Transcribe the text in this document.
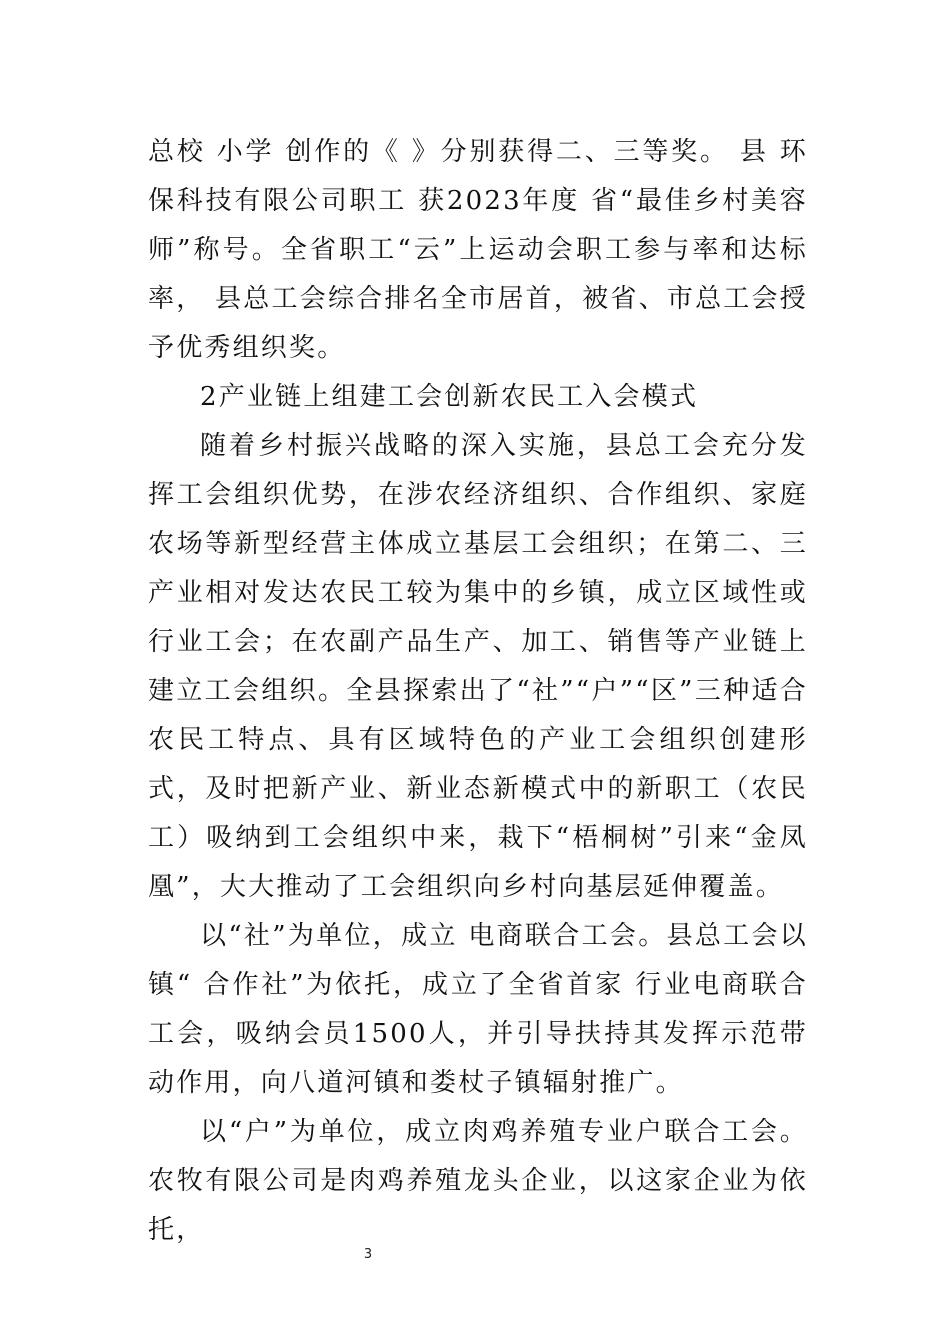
总校 小学 创作的《 》分别获得二、三等奖。 县 环保科技有限公司职工 获2023年度 省“最佳乡村美容师”称号。全省职工“云”上运动会职工参与率和达标率， 县总工会综合排名全市居首，被省、市总工会授予优秀组织奖。

2产业链上组建工会创新农民工入会模式

随着乡村振兴战略的深入实施，县总工会充分发挥工会组织优势，在涉农经济组织、合作组织、家庭农场等新型经营主体成立基层工会组织；在第二、三产业相对发达农民工较为集中的乡镇，成立区域性或行业工会；在农副产品生产、加工、销售等产业链上建立工会组织。全县探索出了“社”“户”“区”三种适合农民工特点、具有区域特色的产业工会组织创建形式，及时把新产业、新业态新模式中的新职工（农民工）吸纳到工会组织中来，栽下“梧桐树”引来“金凤凰”，大大推动了工会组织向乡村向基层延伸覆盖。

以“社”为单位，成立 电商联合工会。县总工会以 镇“ 合作社”为依托，成立了全省首家 行业电商联合工会，吸纳会员1500人，并引导扶持其发挥示范带动作用，向八道河镇和娄杖子镇辐射推广。

以“户”为单位，成立肉鸡养殖专业户联合工会。 农牧有限公司是肉鸡养殖龙头企业，以这家企业为依托，

3
